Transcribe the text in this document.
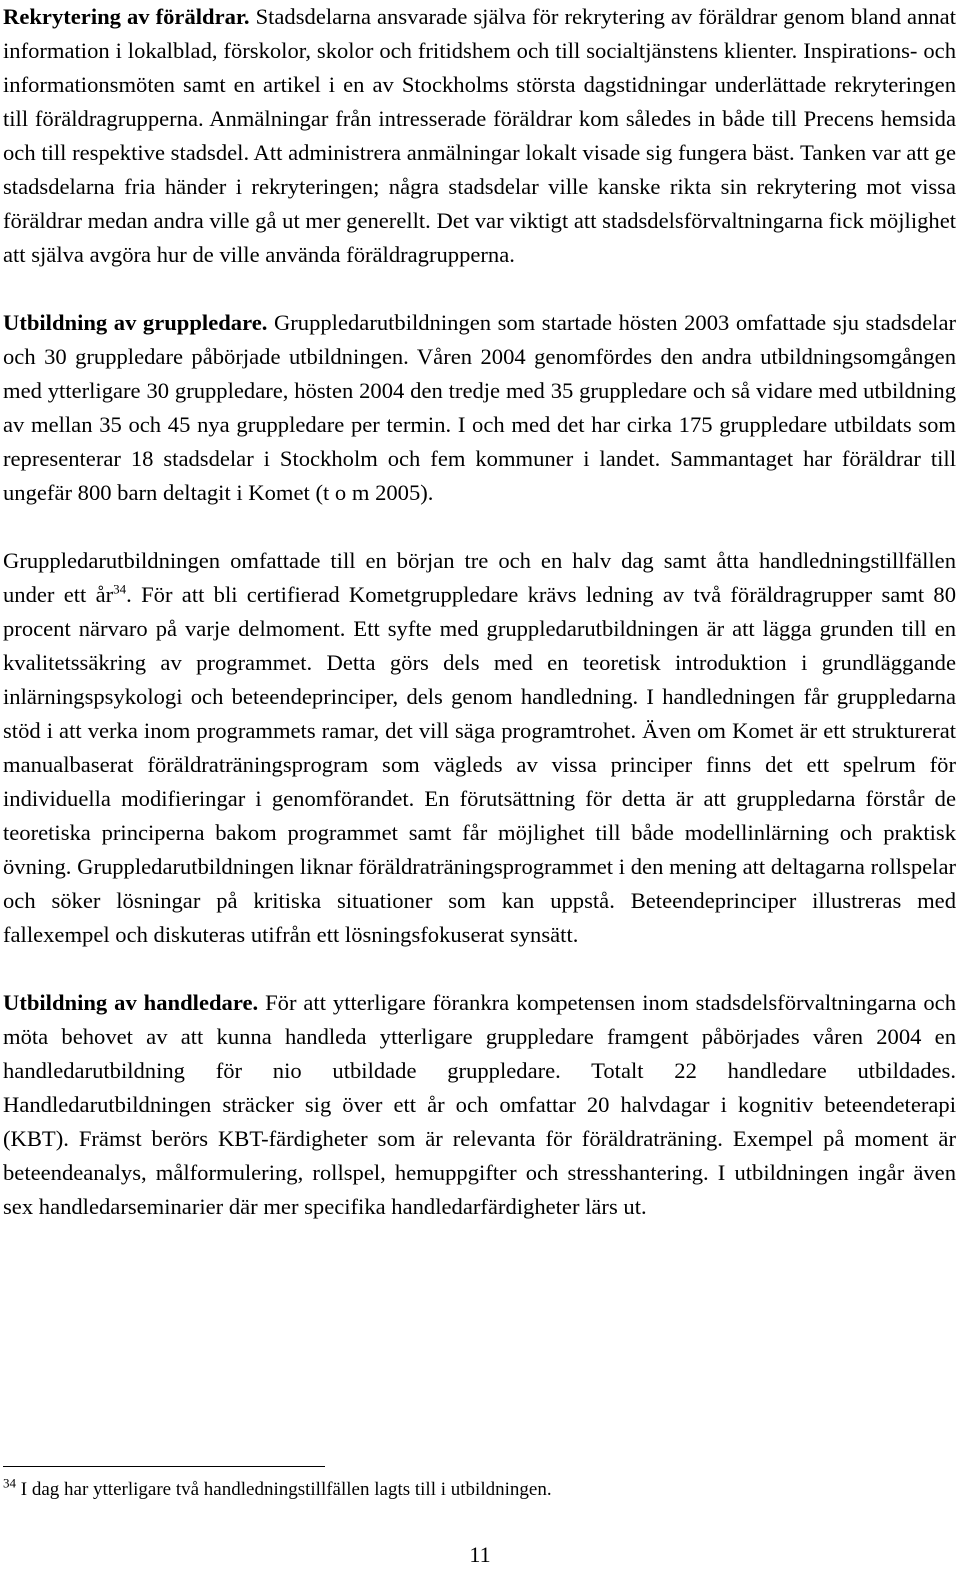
Rekrytering av föräldrar. Stadsdelarna ansvarade själva för rekrytering av föräldrar genom bland annat information i lokalblad, förskolor, skolor och fritidshem och till socialtjänstens klienter. Inspirations- och informationsmöten samt en artikel i en av Stockholms största dagstidningar underlättade rekryteringen till föräldragrupperna. Anmälningar från intresserade föräldrar kom således in både till Precens hemsida och till respektive stadsdel. Att administrera anmälningar lokalt visade sig fungera bäst. Tanken var att ge stadsdelarna fria händer i rekryteringen; några stadsdelar ville kanske rikta sin rekrytering mot vissa föräldrar medan andra ville gå ut mer generellt. Det var viktigt att stadsdelsförvaltningarna fick möjlighet att själva avgöra hur de ville använda föräldragrupperna.

Utbildning av gruppledare. Gruppledarutbildningen som startade hösten 2003 omfattade sju stadsdelar och 30 gruppledare påbörjade utbildningen. Våren 2004 genomfördes den andra utbildningsomgången med ytterligare 30 gruppledare, hösten 2004 den tredje med 35 gruppledare och så vidare med utbildning av mellan 35 och 45 nya gruppledare per termin. I och med det har cirka 175 gruppledare utbildats som representerar 18 stadsdelar i Stockholm och fem kommuner i landet. Sammantaget har föräldrar till ungefär 800 barn deltagit i Komet (t o m 2005).

Gruppledarutbildningen omfattade till en början tre och en halv dag samt åtta handledningstillfällen under ett $år^{34}$. För att bli certifierad Kometgruppledare krävs ledning av två föräldragrupper samt 80 procent närvaro på varje delmoment. Ett syfte med gruppledarutbildningen är att lägga grunden till en kvalitetssäkring av programmet. Detta görs dels med en teoretisk introduktion i grundläggande inlärningspsykologi och beteendeprinciper, dels genom handledning. I handledningen får gruppledarna stöd i att verka inom programmets ramar, det vill säga programtrohet. Även om Komet är ett strukturerat manualbaserat föräldraträningsprogram som vägleds av vissa principer finns det ett spelrum för individuella modifieringar i genomförandet. En förutsättning för detta är att gruppledarna förstår de teoretiska principerna bakom programmet samt får möjlighet till både modellinlärning och praktisk övning. Gruppledarutbildningen liknar föräldraträningsprogrammet i den mening att deltagarna rollspelar och söker lösningar på kritiska situationer som kan uppstå. Beteendeprinciper illustreras med fallexempel och diskuteras utifrån ett lösningsfokuserat synsätt.

Utbildning av handledare. För att ytterligare förankra kompetensen inom stadsdelsförvaltningarna och möta behovet av att kunna handleda ytterligare gruppledare framgent påbörjades våren 2004 en handledarutbildning för nio utbildade gruppledare. Totalt 22 handledare utbildades. Handledarutbildningen sträcker sig över ett år och omfattar 20 halvdagar i kognitiv beteendeterapi (KBT). Främst berörs KBT-färdigheter som är relevanta för föräldraträning. Exempel på moment är beteendeanalys, målformulering, rollspel, hemuppgifter och stresshantering. I utbildningen ingår även sex handledarseminarier där mer specifika handledarfärdigheter lärs ut.

$^{34}$ I dag har ytterligare två handledningstillfällen lagts till i utbildningen.
11
